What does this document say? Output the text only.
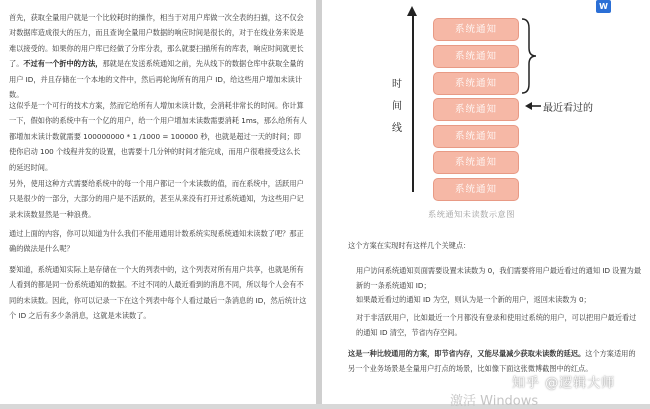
首先，获取全量用户就是一个比较耗时的操作，相当于对用户库做一次全表的扫描，这不仅会对数据库造成很大的压力，而且查询全量用户数据的响应时间是很长的，对于在线业务来说是难以接受的。如果你的用户库已经做了分库分表，那么就要扫描所有的库表，响应时间就更长了。不过有一个折中的方法，那就是在发送系统通知之前，先从线下的数据仓库中获取全量的用户 ID，并且存储在一个本地的文件中，然后再轮询所有的用户 ID，给这些用户增加未读计数。

这似乎是一个可行的技术方案，然而它给所有人增加未读计数，会消耗非常长的时间。你计算一下，假如你的系统中有一个亿的用户，给一个用户增加未读数需要消耗 1ms，那么给所有人都增加未读计数就需要 100000000 * 1 /1000 = 100000 秒，也就是超过一天的时间；即使你启动 100 个线程并发的设置，也需要十几分钟的时间才能完成，而用户很难接受这么长的延迟时间。

另外，使用这种方式需要给系统中的每一个用户都记一个未读数的值，而在系统中，活跃用户只是很少的一部分，大部分的用户是不活跃的，甚至从来没有打开过系统通知，为这些用户记录未读数显然是一种浪费。

通过上面的内容，你可以知道为什么我们不能用通用计数系统实现系统通知未读数了吧？那正确的做法是什么呢？

要知道，系统通知实际上是存储在一个大的列表中的，这个列表对所有用户共享，也就是所有人看到的都是同一份系统通知的数据。不过不同的人最近看到的消息不同，所以每个人会有不同的未读数。因此，你可以记录一下在这个列表中每个人看过最后一条消息的 ID，然后统计这个 ID 之后有多少条消息，这就是未读数了。

W
时间线
系统通知
系统通知
系统通知
系统通知
系统通知
系统通知
系统通知
最近看过的
系统通知未读数示意图

这个方案在实现时有这样几个关键点：

用户访问系统通知页面需要设置未读数为 0，我们需要将用户最近看过的通知 ID 设置为最新的一条系统通知 ID；

如果最近看过的通知 ID 为空，则认为是一个新的用户，返回未读数为 0；

对于非活跃用户，比如最近一个月都没有登录和使用过系统的用户，可以把用户最近看过的通知 ID 清空，节省内存空间。

这是一种比较通用的方案，即节省内存，又能尽量减少获取未读数的延迟。这个方案适用的另一个业务场景是全量用户打点的场景，比如像下面这张微博截图中的红点。

知乎 @逻辑大师
激活 Windows
